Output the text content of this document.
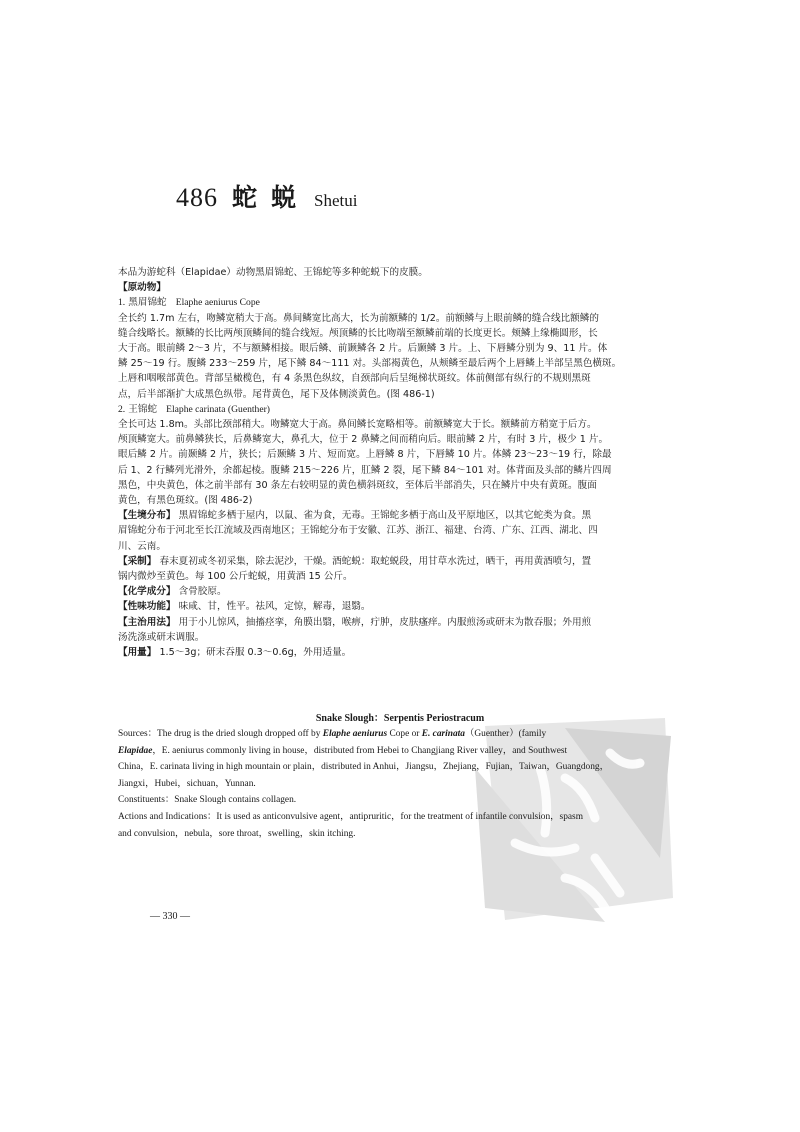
486 蛇蜕 Shetui

本品为游蛇科（Elapidae）动物黑眉锦蛇、王锦蛇等多种蛇蜕下的皮膜。

【原动物】

1. 黑眉锦蛇 Elaphe aeniurus Cope

全长约 1.7m 左右，吻鳞宽稍大于高。鼻间鳞宽比高大，长为前额鳞的 1/2。前额鳞与上眼前鳞的缝合线比额鳞的

缝合线略长。额鳞的长比两颅顶鳞间的缝合线短。颅顶鳞的长比吻端至额鳞前端的长度更长。颊鳞上缘椭圆形，长

大于高。眼前鳞 2～3 片，不与额鳞相接。眼后鳞、前颞鳞各 2 片。后颞鳞 3 片。上、下唇鳞分别为 9、11 片。体

鳞 25～19 行。腹鳞 233～259 片，尾下鳞 84～111 对。头部褐黄色，从颊鳞至最后两个上唇鳞上半部呈黑色横斑。

上唇和咽喉部黄色。背部呈橄榄色，有 4 条黑色纵纹，自颈部向后呈绳梯状斑纹。体前侧部有纵行的不规则黑斑

点，后半部渐扩大成黑色纵带。尾背黄色，尾下及体侧淡黄色。(图 486-1)

2. 王锦蛇 Elaphe carinata (Guenther)

全长可达 1.8m。头部比颈部稍大。吻鳞宽大于高。鼻间鳞长宽略相等。前额鳞宽大于长。额鳞前方稍宽于后方。

颅顶鳞宽大。前鼻鳞狭长，后鼻鳞宽大，鼻孔大，位于 2 鼻鳞之间而稍向后。眼前鳞 2 片，有时 3 片，极少 1 片。

眼后鳞 2 片。前颞鳞 2 片，狭长；后颞鳞 3 片、短而宽。上唇鳞 8 片，下唇鳞 10 片。体鳞 23～23～19 行，除最

后 1、2 行鳞列光滑外，余都起棱。腹鳞 215～226 片，肛鳞 2 裂，尾下鳞 84～101 对。体背面及头部的鳞片四周

黑色，中央黄色，体之前半部有 30 条左右较明显的黄色横斜斑纹，至体后半部消失，只在鳞片中央有黄斑。腹面

黄色，有黑色斑纹。(图 486-2)

【生境分布】 黑眉锦蛇多栖于屋内，以鼠、雀为食，无毒。王锦蛇多栖于高山及平原地区，以其它蛇类为食。黑

眉锦蛇分布于河北至长江流域及西南地区；王锦蛇分布于安徽、江苏、浙江、福建、台湾、广东、江西、湖北、四

川、云南。

【采制】 春末夏初或冬初采集，除去泥沙，干燥。酒蛇蜕：取蛇蜕段，用甘草水洗过，晒干，再用黄酒喷匀，置

锅内微炒至黄色。每 100 公斤蛇蜕，用黄酒 15 公斤。

【化学成分】 含骨胶原。

【性味功能】 味咸、甘，性平。祛风，定惊，解毒，退翳。

【主治用法】 用于小儿惊风，抽搐痉挛，角膜出翳，喉痹，疔肿，皮肤瘙痒。内服煎汤或研末为散吞服；外用煎

汤洗涤或研末调服。

【用量】 1.5～3g；研末吞服 0.3～0.6g，外用适量。

Snake Slough：Serpentis Periostracum

Sources：The drug is the dried slough dropped off by Elaphe aeniurus Cope or E. carinata（Guenther）(family

Elapidae，E. aeniurus commonly living in house，distributed from Hebei to Changjiang River valley，and Southwest

China，E. carinata living in high mountain or plain，distributed in Anhui，Jiangsu，Zhejiang，Fujian，Taiwan，Guangdong，

Jiangxi，Hubei，sichuan，Yunnan.

Constituents：Snake Slough contains collagen.

Actions and Indications：It is used as anticonvulsive agent，antipruritic，for the treatment of infantile convulsion，spasm

and convulsion，nebula，sore throat，swelling，skin itching.

— 330 —
